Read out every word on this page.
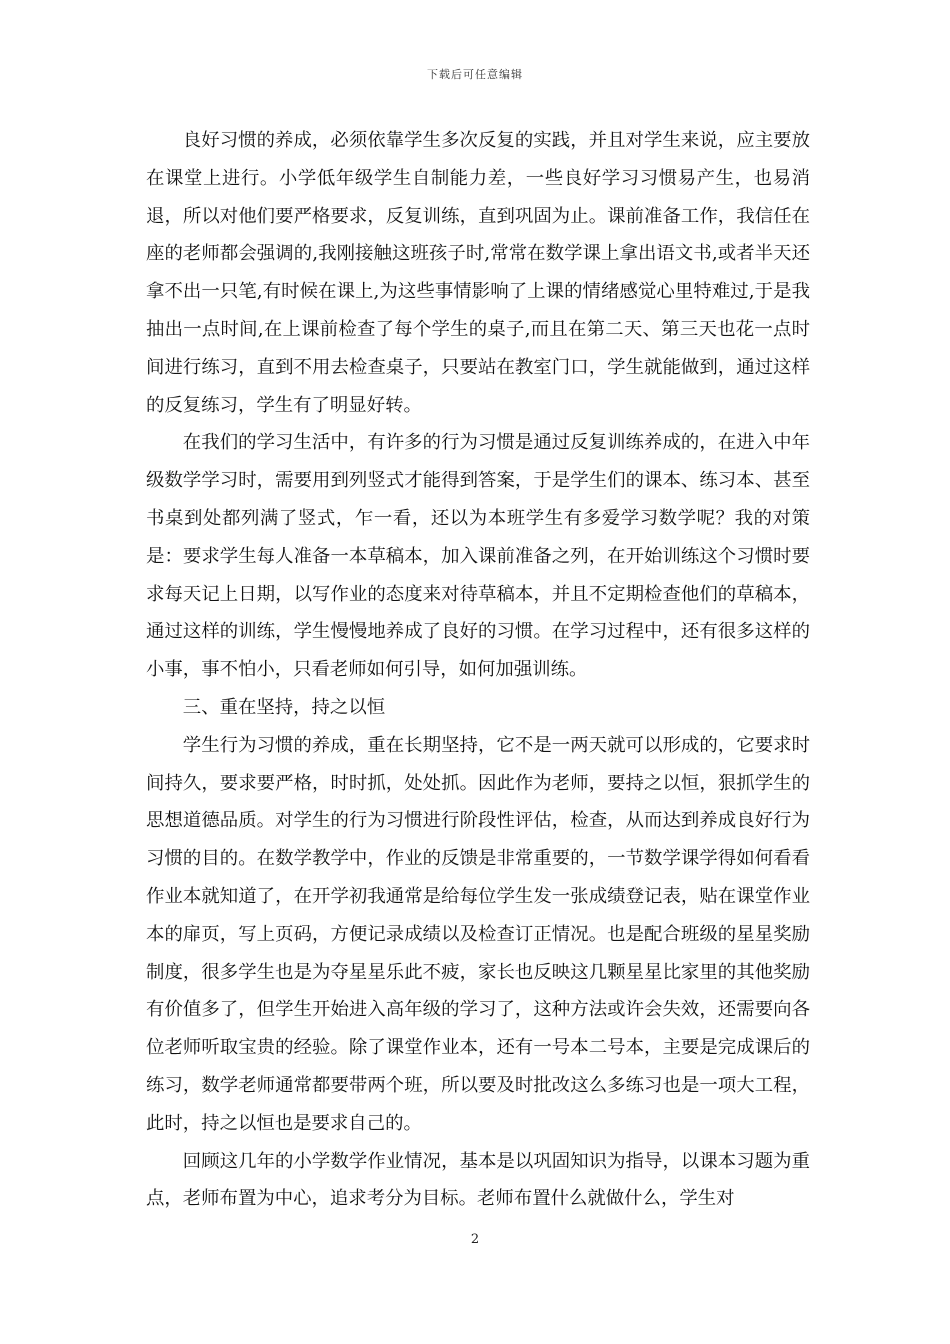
下载后可任意编辑

良好习惯的养成，必须依靠学生多次反复的实践，并且对学生来说，应主要放在课堂上进行。小学低年级学生自制能力差，一些良好学习习惯易产生，也易消退，所以对他们要严格要求，反复训练，直到巩固为止。课前准备工作，我信任在座的老师都会强调的,我刚接触这班孩子时,常常在数学课上拿出语文书,或者半天还拿不出一只笔,有时候在课上,为这些事情影响了上课的情绪感觉心里特难过,于是我抽出一点时间,在上课前检查了每个学生的桌子,而且在第二天、第三天也花一点时间进行练习，直到不用去检查桌子，只要站在教室门口，学生就能做到，通过这样的反复练习，学生有了明显好转。

在我们的学习生活中，有许多的行为习惯是通过反复训练养成的，在进入中年级数学学习时，需要用到列竖式才能得到答案，于是学生们的课本、练习本、甚至书桌到处都列满了竖式，乍一看，还以为本班学生有多爱学习数学呢？我的对策是：要求学生每人准备一本草稿本，加入课前准备之列，在开始训练这个习惯时要求每天记上日期，以写作业的态度来对待草稿本，并且不定期检查他们的草稿本，通过这样的训练，学生慢慢地养成了良好的习惯。在学习过程中，还有很多这样的小事，事不怕小，只看老师如何引导，如何加强训练。

三、重在坚持，持之以恒

学生行为习惯的养成，重在长期坚持，它不是一两天就可以形成的，它要求时间持久，要求要严格，时时抓，处处抓。因此作为老师，要持之以恒，狠抓学生的思想道德品质。对学生的行为习惯进行阶段性评估，检查，从而达到养成良好行为习惯的目的。在数学教学中，作业的反馈是非常重要的，一节数学课学得如何看看作业本就知道了，在开学初我通常是给每位学生发一张成绩登记表，贴在课堂作业本的扉页，写上页码，方便记录成绩以及检查订正情况。也是配合班级的星星奖励制度，很多学生也是为夺星星乐此不疲，家长也反映这几颗星星比家里的其他奖励有价值多了，但学生开始进入高年级的学习了，这种方法或许会失效，还需要向各位老师听取宝贵的经验。除了课堂作业本，还有一号本二号本，主要是完成课后的练习，数学老师通常都要带两个班，所以要及时批改这么多练习也是一项大工程，此时，持之以恒也是要求自己的。

回顾这几年的小学数学作业情况，基本是以巩固知识为指导，以课本习题为重点，老师布置为中心，追求考分为目标。老师布置什么就做什么，学生对

2
